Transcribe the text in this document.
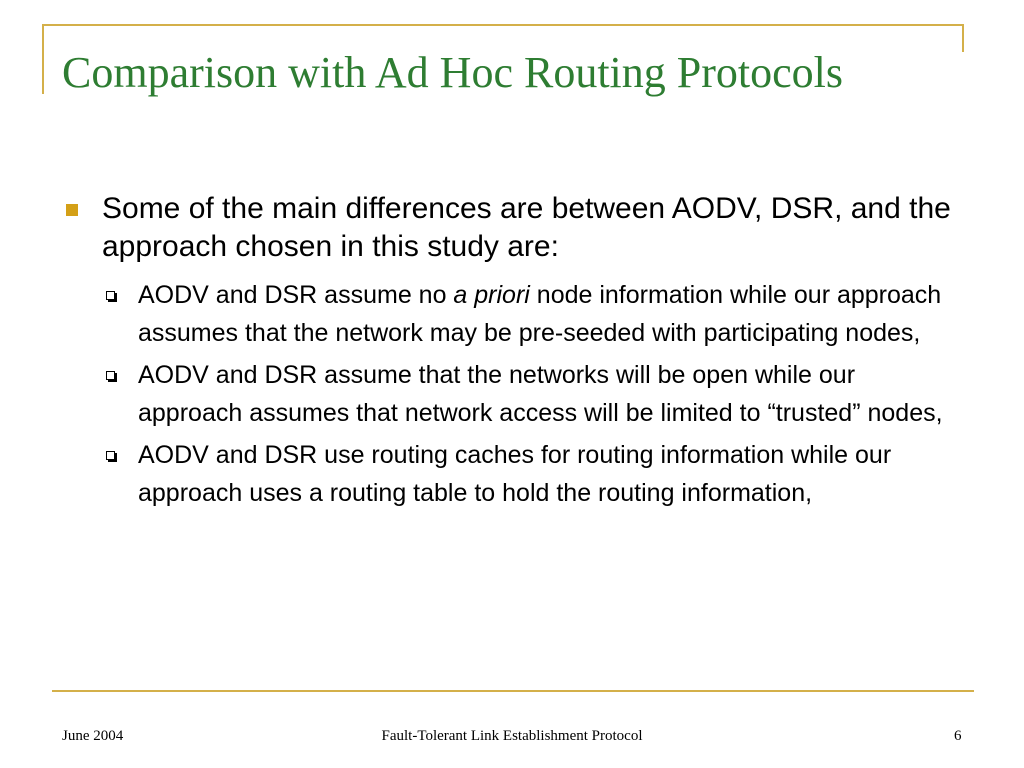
Comparison with Ad Hoc Routing Protocols
Some of the main differences are between AODV, DSR, and the approach chosen in this study are:
AODV and DSR assume no a priori node information while our approach assumes that the network may be pre-seeded with participating nodes,
AODV and DSR assume that the networks will be open while our approach assumes that network access will be limited to “trusted” nodes,
AODV and DSR use routing caches for routing information while our approach uses a routing table to hold the routing information,
June 2004	Fault-Tolerant Link Establishment Protocol	6
